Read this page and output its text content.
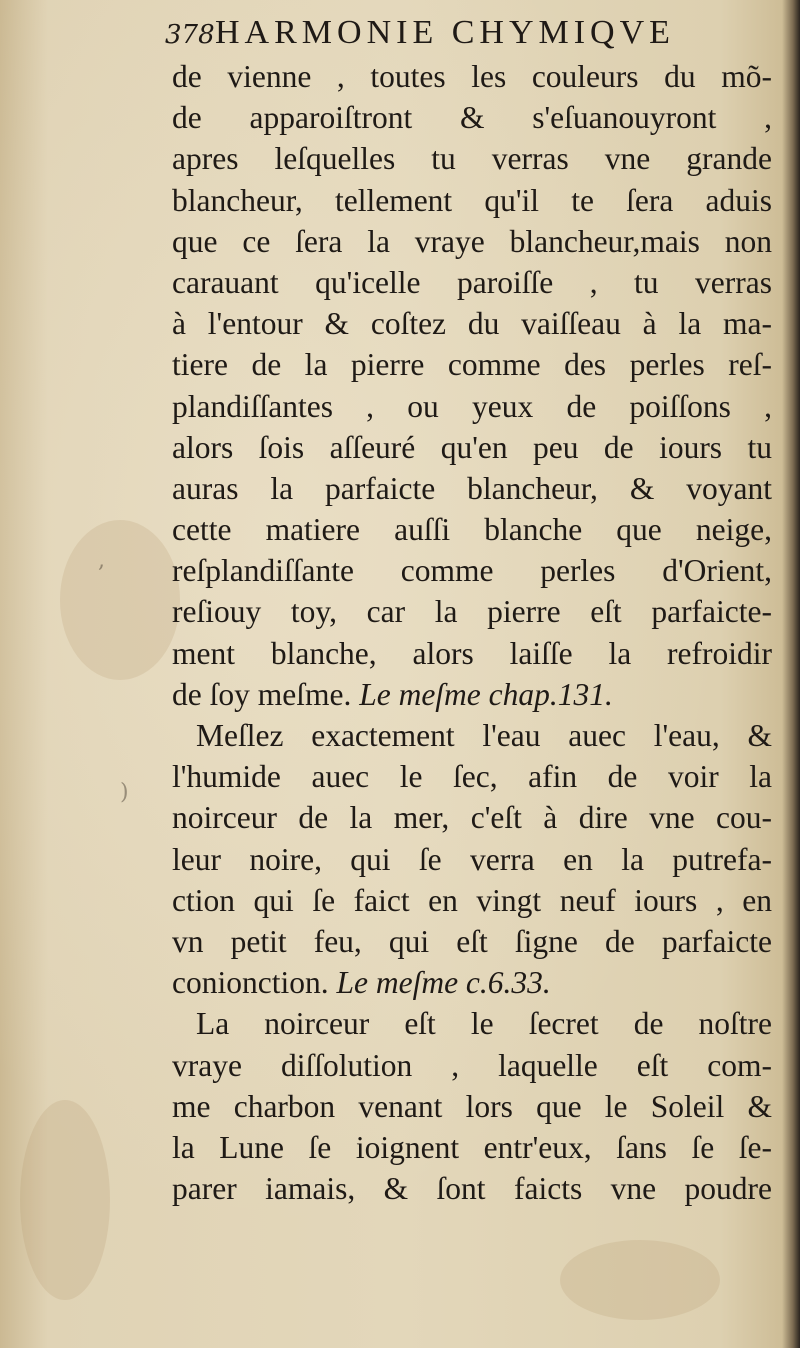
378 HARMONIE CHYMIQVE
de vienne , toutes les couleurs du mõ-
de apparoiſtront & s'eſuanouyront ,
apres leſquelles tu verras vne grande
blancheur, tellement qu'il te ſera aduis
que ce ſera la vraye blancheur,mais non
carauant qu'icelle paroiſſe , tu verras
à l'entour & coſtez du vaiſſeau à la ma-
tiere de la pierre comme des perles reſ-
plandiſſantes , ou yeux de poiſſons ,
alors ſois aſſeuré qu'en peu de iours tu
auras la parfaicte blancheur, & voyant
cette matiere auſſi blanche que neige,
reſplandiſſante comme perles d'Orient,
reſiouy toy, car la pierre eſt parfaicte-
ment blanche, alors laiſſe la refroidir
de ſoy meſme. Le meſme chap.131.
Meſlez exactement l'eau auec l'eau, &
l'humide auec le ſec, afin de voir la
noirceur de la mer, c'eſt à dire vne cou-
leur noire, qui ſe verra en la putrefa-
ction qui ſe faict en vingt neuf iours , en
vn petit feu, qui eſt ſigne de parfaicte
conionction. Le meſme c.6.33.
La noirceur eſt le ſecret de noſtre
vraye diſſolution , laquelle eſt com-
me charbon venant lors que le Soleil &
la Lune ſe ioignent entr'eux, ſans ſe ſe-
parer iamais, & ſont faicts vne poudre
,
)
